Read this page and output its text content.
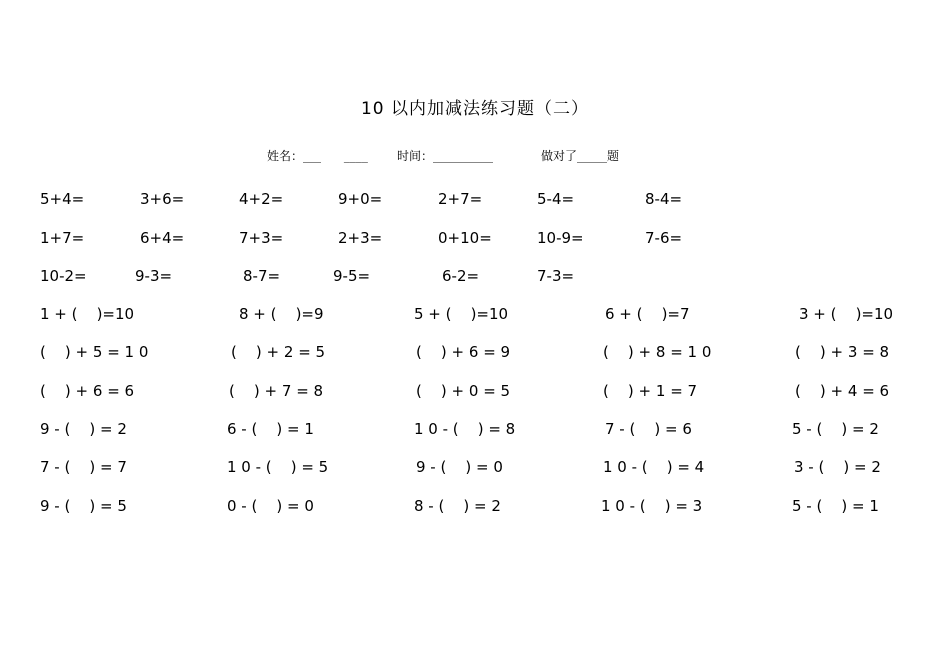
10 以内加减法练习题（二）
姓名：___      ____ 时间：__________	做对了_____题
5+4=	3+6=	4+2=	9+0=	2+7=	5-4=	8-4=
1+7=	6+4=	7+3=	2+3=	0+10=	10-9=	7-6=
10-2=	9-3=	8-7=	9-5=	6-2=	7-3=
1 + (    )=10	8 + (    )=9	5 + (    )=10	6 + (    )=7	3 + (    )=10
(    ) + 5 = 1 0	(    ) + 2 = 5	(    ) + 6 = 9	(    ) + 8 = 1 0	(    ) + 3 = 8
(    ) + 6 = 6	(    ) + 7 = 8	(    ) + 0 = 5	(    ) + 1 = 7	(    ) + 4 = 6
9 - (    ) = 2	6 - (    ) = 1	1 0 - (    ) = 8	7 - (    ) = 6	5 - (    ) = 2
7 - (    ) = 7	1 0 - (    ) = 5	9 - (    ) = 0	1 0 - (    ) = 4	3 - (    ) = 2
9 - (    ) = 5	0 - (    ) = 0	8 - (    ) = 2	1 0 - (    ) = 3	5 - (    ) = 1
